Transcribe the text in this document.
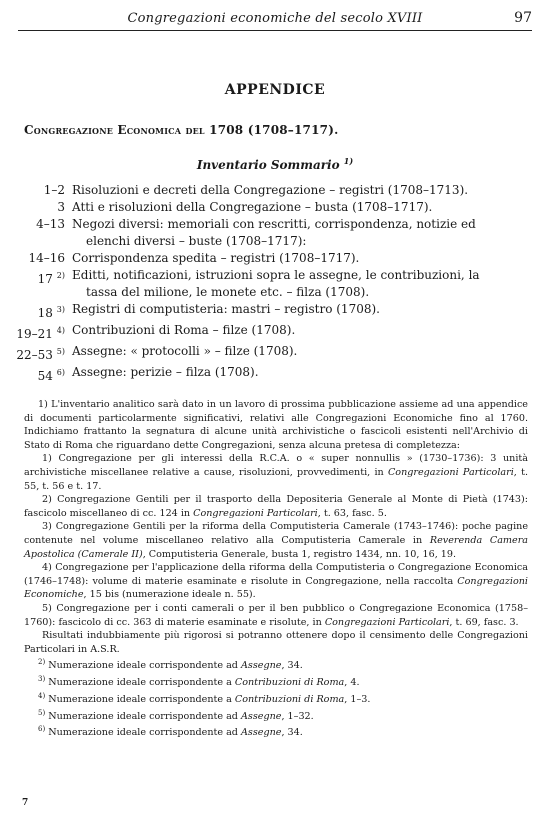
Congregazioni economiche del secolo XVIII	97
APPENDICE
Congregazione Economica del 1708 (1708–1717).
Inventario Sommario $^{1)}$
1–2 Risoluzioni e decreti della Congregazione – registri (1708–1713).
3 Atti e risoluzioni della Congregazione – busta (1708–1717).
4–13 Negozi diversi: memoriali con rescritti, corrispondenza, notizie ed
elenchi diversi – buste (1708–1717):
14–16 Corrispondenza spedita – registri (1708–1717).
17 $^{2)}$ Editti, notificazioni, istruzioni sopra le assegne, le contribuzioni, la
tassa del milione, le monete etc. – filza (1708).
18 $^{3)}$ Registri di computisteria: mastri – registro (1708).
19–21 $^{4)}$ Contribuzioni di Roma – filze (1708).
22–53 $^{5)}$ Assegne: « protocolli » – filze (1708).
54 $^{6)}$ Assegne: perizie – filza (1708).

1) L'inventario analitico sarà dato in un lavoro di prossima pubblicazione assieme ad una appendice di documenti particolarmente significativi, relativi alle Congregazioni Economiche fino al 1760. Indichiamo frattanto la segnatura di alcune unità archivistiche o fascicoli esistenti nell'Archivio di Stato di Roma che riguardano dette Congregazioni, senza alcuna pretesa di completezza:

1) Congregazione per gli interessi della R.C.A. o « super nonnullis » (1730–1736): 3 unità archivistiche miscellanee relative a cause, risoluzioni, provvedimenti, in Congregazioni Particolari, t. 55, t. 56 e t. 17.

2) Congregazione Gentili per il trasporto della Depositeria Generale al Monte di Pietà (1743): fascicolo miscellaneo di cc. 124 in Congregazioni Particolari, t. 63, fasc. 5.

3) Congregazione Gentili per la riforma della Computisteria Camerale (1743–1746): poche pagine contenute nel volume miscellaneo relativo alla Computisteria Camerale in Reverenda Camera Apostolica (Camerale II), Computisteria Generale, busta 1, registro 1434, nn. 10, 16, 19.

4) Congregazione per l'applicazione della riforma della Computisteria o Congregazione Economica (1746–1748): volume di materie esaminate e risolute in Congregazione, nella raccolta Congregazioni Economiche, 15 bis (numerazione ideale n. 55).

5) Congregazione per i conti camerali o per il ben pubblico o Congregazione Economica (1758–1760): fascicolo di cc. 363 di materie esaminate e risolute, in Congregazioni Particolari, t. 69, fasc. 3.

Risultati indubbiamente più rigorosi si potranno ottenere dopo il censimento delle Congregazioni Particolari in A.S.R.

$^{2)}$ Numerazione ideale corrispondente ad Assegne, 34.

$^{3)}$ Numerazione ideale corrispondente a Contribuzioni di Roma, 4.

$^{4)}$ Numerazione ideale corrispondente a Contribuzioni di Roma, 1–3.

$^{5)}$ Numerazione ideale corrispondente ad Assegne, 1–32.

$^{6)}$ Numerazione ideale corrispondente ad Assegne, 34.

7
